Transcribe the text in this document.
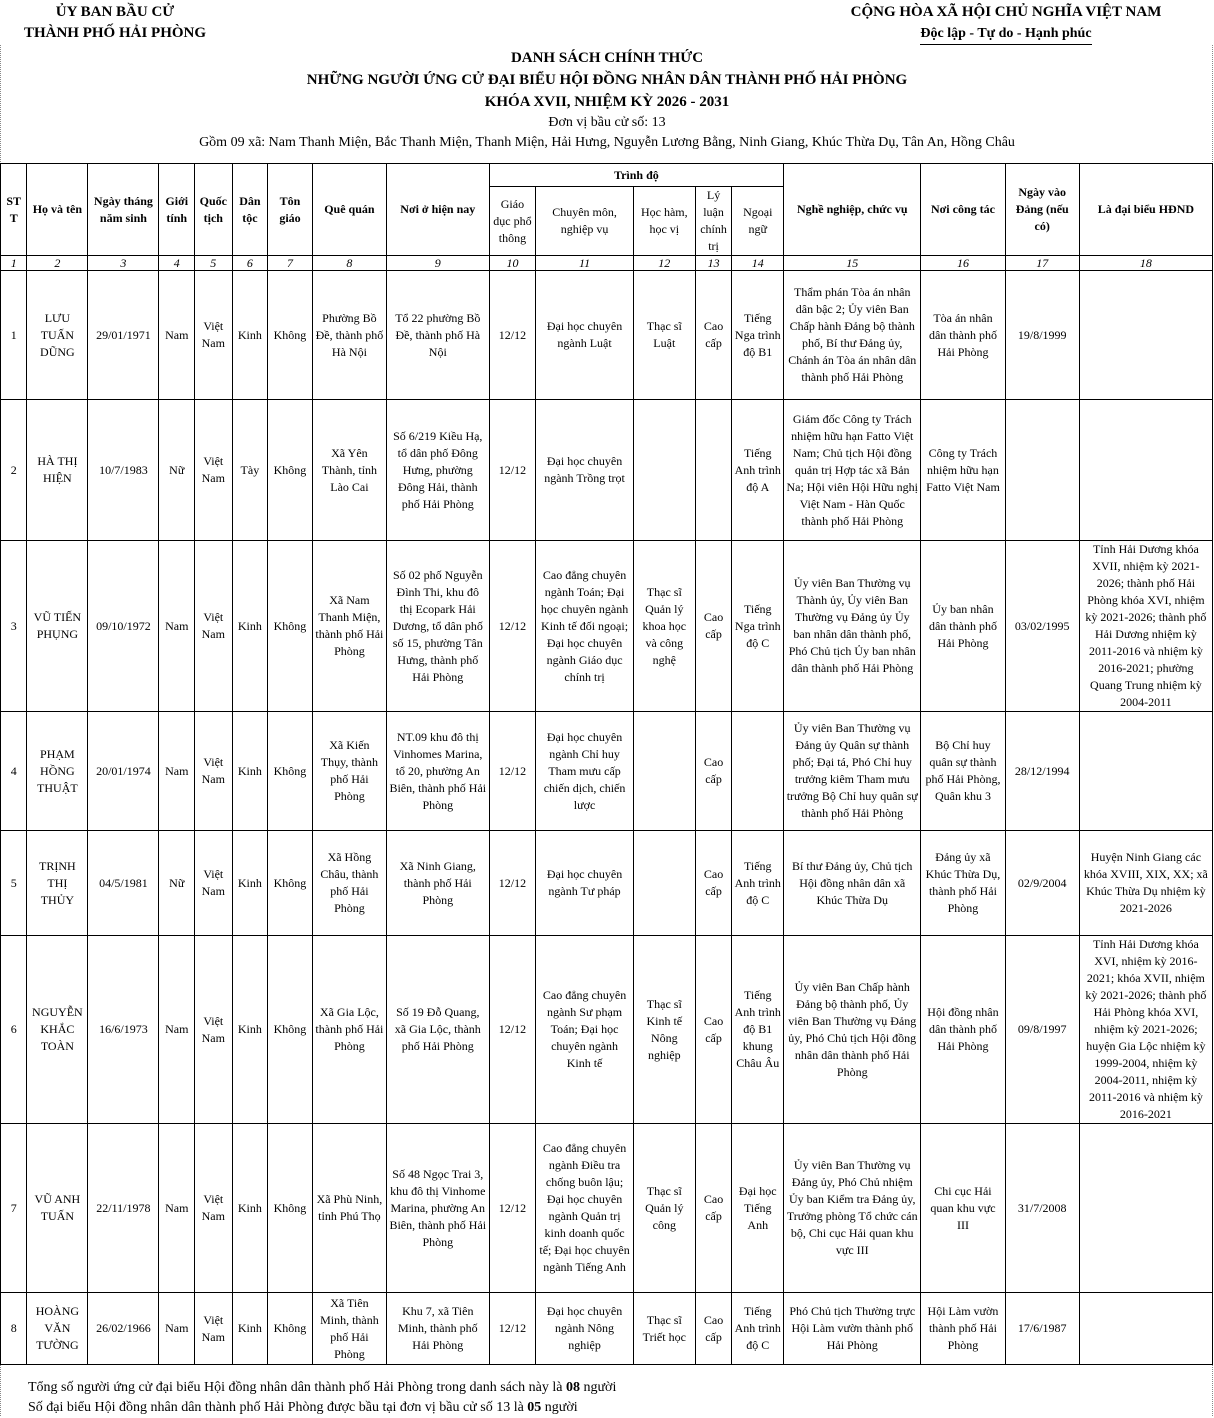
ỦY BAN BẦU CỬ
THÀNH PHỐ HẢI PHÒNG
CỘNG HÒA XÃ HỘI CHỦ NGHĨA VIỆT NAM
Độc lập - Tự do - Hạnh phúc
DANH SÁCH CHÍNH THỨC
NHỮNG NGƯỜI ỨNG CỬ ĐẠI BIỂU HỘI ĐỒNG NHÂN DÂN THÀNH PHỐ HẢI PHÒNG
KHÓA XVII, NHIỆM KỲ 2026 - 2031
Đơn vị bầu cử số: 13
Gồm 09 xã: Nam Thanh Miện, Bắc Thanh Miện, Thanh Miện, Hải Hưng, Nguyễn Lương Bằng, Ninh Giang, Khúc Thừa Dụ, Tân An, Hồng Châu
ST T	Họ và tên	Ngày tháng năm sinh	Giới tính	Quốc tịch	Dân tộc	Tôn giáo	Quê quán	Nơi ở hiện nay	Trình độ					Nghề nghiệp, chức vụ	Nơi công tác	Ngày vào Đảng (nếu có)	Là đại biểu HĐND
									Giáo dục phổ thông	Chuyên môn, nghiệp vụ	Học hàm, học vị	Lý luận chính trị	Ngoại ngữ				
1	2	3	4	5	6	7	8	9	10	11	12	13	14	15	16	17	18
1	LƯU TUẤN DŨNG	29/01/1971	Nam	Việt Nam	Kinh	Không	Phường Bồ Đề, thành phố Hà Nội	Tổ 22 phường Bồ Đề, thành phố Hà Nội	12/12	Đại học chuyên ngành Luật	Thạc sĩ Luật	Cao cấp	Tiếng Nga trình độ B1	Thẩm phán Tòa án nhân dân bậc 2; Ủy viên Ban Chấp hành Đảng bộ thành phố, Bí thư Đảng ủy, Chánh án Tòa án nhân dân thành phố Hải Phòng	Tòa án nhân dân thành phố Hải Phòng	19/8/1999	
2	HÀ THỊ HIỆN	10/7/1983	Nữ	Việt Nam	Tày	Không	Xã Yên Thành, tỉnh Lào Cai	Số 6/219 Kiều Hạ, tổ dân phố Đông Hưng, phường Đông Hải, thành phố Hải Phòng	12/12	Đại học chuyên ngành Trồng trọt			Tiếng Anh trình độ A	Giám đốc Công ty Trách nhiệm hữu hạn Fatto Việt Nam; Chủ tịch Hội đồng quản trị Hợp tác xã Bản Na; Hội viên Hội Hữu nghị Việt Nam - Hàn Quốc thành phố Hải Phòng	Công ty Trách nhiệm hữu hạn Fatto Việt Nam		
3	VŨ TIẾN PHỤNG	09/10/1972	Nam	Việt Nam	Kinh	Không	Xã Nam Thanh Miện, thành phố Hải Phòng	Số 02 phố Nguyễn Đình Thi, khu đô thị Ecopark Hải Dương, tổ dân phố số 15, phường Tân Hưng, thành phố Hải Phòng	12/12	Cao đẳng chuyên ngành Toán; Đại học chuyên ngành Kinh tế đối ngoại; Đại học chuyên ngành Giáo dục chính trị	Thạc sĩ Quản lý khoa học và công nghệ	Cao cấp	Tiếng Nga trình độ C	Ủy viên Ban Thường vụ Thành ủy, Ủy viên Ban Thường vụ Đảng ủy Ủy ban nhân dân thành phố, Phó Chủ tịch Ủy ban nhân dân thành phố Hải Phòng	Ủy ban nhân dân thành phố Hải Phòng	03/02/1995	Tỉnh Hải Dương khóa XVII, nhiệm kỳ 2021-2026; thành phố Hải Phòng khóa XVI, nhiệm kỳ 2021-2026; thành phố Hải Dương nhiệm kỳ 2011-2016 và nhiệm kỳ 2016-2021; phường Quang Trung nhiệm kỳ 2004-2011
4	PHẠM HỒNG THUẬT	20/01/1974	Nam	Việt Nam	Kinh	Không	Xã Kiến Thụy, thành phố Hải Phòng	NT.09 khu đô thị Vinhomes Marina, tổ 20, phường An Biên, thành phố Hải Phòng	12/12	Đại học chuyên ngành Chỉ huy Tham mưu cấp chiến dịch, chiến lược		Cao cấp		Ủy viên Ban Thường vụ Đảng ủy Quân sự thành phố; Đại tá, Phó Chỉ huy trưởng kiêm Tham mưu trưởng Bộ Chỉ huy quân sự thành phố Hải Phòng	Bộ Chỉ huy quân sự thành phố Hải Phòng, Quân khu 3	28/12/1994	
5	TRỊNH THỊ THỦY	04/5/1981	Nữ	Việt Nam	Kinh	Không	Xã Hồng Châu, thành phố Hải Phòng	Xã Ninh Giang, thành phố Hải Phòng	12/12	Đại học chuyên ngành Tư pháp		Cao cấp	Tiếng Anh trình độ C	Bí thư Đảng ủy, Chủ tịch Hội đồng nhân dân xã Khúc Thừa Dụ	Đảng ủy xã Khúc Thừa Dụ, thành phố Hải Phòng	02/9/2004	Huyện Ninh Giang các khóa XVIII, XIX, XX; xã Khúc Thừa Dụ nhiệm kỳ 2021-2026
6	NGUYỄN KHẮC TOÀN	16/6/1973	Nam	Việt Nam	Kinh	Không	Xã Gia Lộc, thành phố Hải Phòng	Số 19 Đỗ Quang, xã Gia Lộc, thành phố Hải Phòng	12/12	Cao đẳng chuyên ngành Sư phạm Toán; Đại học chuyên ngành Kinh tế	Thạc sĩ Kinh tế Nông nghiệp	Cao cấp	Tiếng Anh trình độ B1 khung Châu Âu	Ủy viên Ban Chấp hành Đảng bộ thành phố, Ủy viên Ban Thường vụ Đảng ủy, Phó Chủ tịch Hội đồng nhân dân thành phố Hải Phòng	Hội đồng nhân dân thành phố Hải Phòng	09/8/1997	Tỉnh Hải Dương khóa XVI, nhiệm kỳ 2016-2021; khóa XVII, nhiệm kỳ 2021-2026; thành phố Hải Phòng khóa XVI, nhiệm kỳ 2021-2026; huyện Gia Lộc nhiệm kỳ 1999-2004, nhiệm kỳ 2004-2011, nhiệm kỳ 2011-2016 và nhiệm kỳ 2016-2021
7	VŨ ANH TUẤN	22/11/1978	Nam	Việt Nam	Kinh	Không	Xã Phù Ninh, tỉnh Phú Thọ	Số 48 Ngọc Trai 3, khu đô thị Vinhome Marina, phường An Biên, thành phố Hải Phòng	12/12	Cao đẳng chuyên ngành Điều tra chống buôn lậu; Đại học chuyên ngành Quản trị kinh doanh quốc tế; Đại học chuyên ngành Tiếng Anh	Thạc sĩ Quản lý công	Cao cấp	Đại học Tiếng Anh	Ủy viên Ban Thường vụ Đảng ủy, Phó Chủ nhiệm Ủy ban Kiểm tra Đảng ủy, Trưởng phòng Tổ chức cán bộ, Chi cục Hải quan khu vực III	Chi cục Hải quan khu vực III	31/7/2008	
8	HOÀNG VĂN TƯỜNG	26/02/1966	Nam	Việt Nam	Kinh	Không	Xã Tiên Minh, thành phố Hải Phòng	Khu 7, xã Tiên Minh, thành phố Hải Phòng	12/12	Đại học chuyên ngành Nông nghiệp	Thạc sĩ Triết học	Cao cấp	Tiếng Anh trình độ C	Phó Chủ tịch Thường trực Hội Làm vườn thành phố Hải Phòng	Hội Làm vườn thành phố Hải Phòng	17/6/1987	
Tổng số người ứng cử đại biểu Hội đồng nhân dân thành phố Hải Phòng trong danh sách này là 08 người
Số đại biểu Hội đồng nhân dân thành phố Hải Phòng được bầu tại đơn vị bầu cử số 13 là 05 người
